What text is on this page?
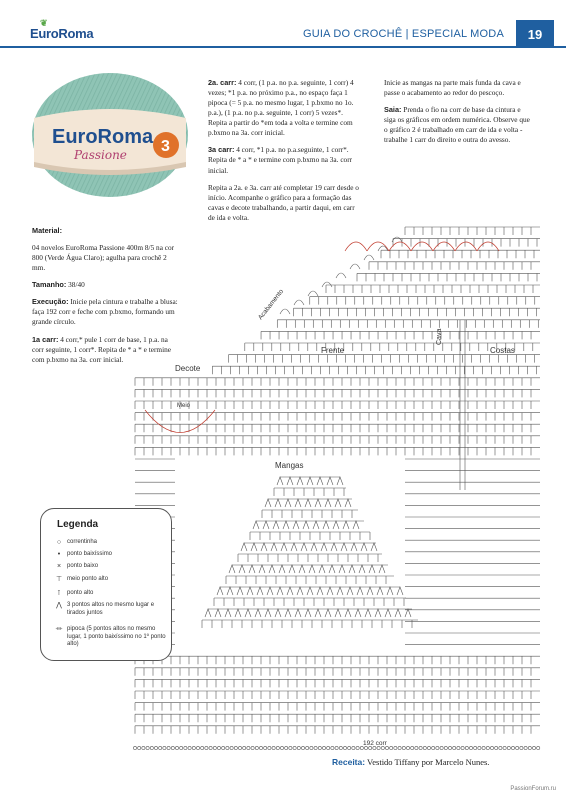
❦
EuroRoma	GUIA DO CROCHÊ | ESPECIAL MODA	19
EuroRoma
Passione 3

Material:

04 novelos EuroRoma Passione 400m 8/5 na cor 800 (Verde Água Claro); agulha para crochê 2 mm.

Tamanho: 38/40

Execução: Inicie pela cintura e trabalhe a blusa: faça 192 corr e feche com p.bxmo, formando um grande círculo.

1a carr: 4 corr,* pule 1 corr de base, 1 p.a. na corr seguinte, 1 corr*. Repita de * a * e termine com p.bxmo na 3a. corr inicial.

2a. carr: 4 corr, (1 p.a. no p.a. seguinte, 1 corr) 4 vezes; *1 p.a. no próximo p.a., no espaço faça 1 pipoca (= 5 p.a. no mesmo lugar, 1 p.bxmo no 1o. p.a.), (1 p.a. no p.a. seguinte, 1 corr) 5 vezes*. Repita a partir do *em toda a volta e termine com p.bxmo na 3a. corr inicial.

3a carr: 4 corr, *1 p.a. no p.a.seguinte, 1 corr*. Repita de * a * e termine com p.bxmo na 3a. corr inicial.

Repita a 2a. e 3a. carr até completar 19 carr desde o início. Acompanhe o gráfico para a formação das cavas e decote trabalhando, a partir daqui, em carr de ida e volta.

Inicie as mangas na parte mais funda da cava e passe o acabamento ao redor do pescoço.

Saia: Prenda o fio na corr de base da cintura e siga os gráficos em ordem numérica. Observe que o gráfico 2 é trabalhado em carr de ida e volta - trabalhe 1 carr do direito e outra do avesso.

Acabamento
Frente
Cava
Costas
Decote
Meio
Mangas
192 corr
Legenda
○ correntinha
•	ponto baixíssimo
× ponto baixo
⊤ meio ponto alto
⊺	ponto alto
⋀ 3 pontos altos no mesmo lugar e tirados juntos
⏛ pipoca (5 pontos altos no mesmo lugar, 1 ponto baixíssimo no 1º ponto alto)
Receita: Vestido Tiffany por Marcelo Nunes.
PassionForum.ru
